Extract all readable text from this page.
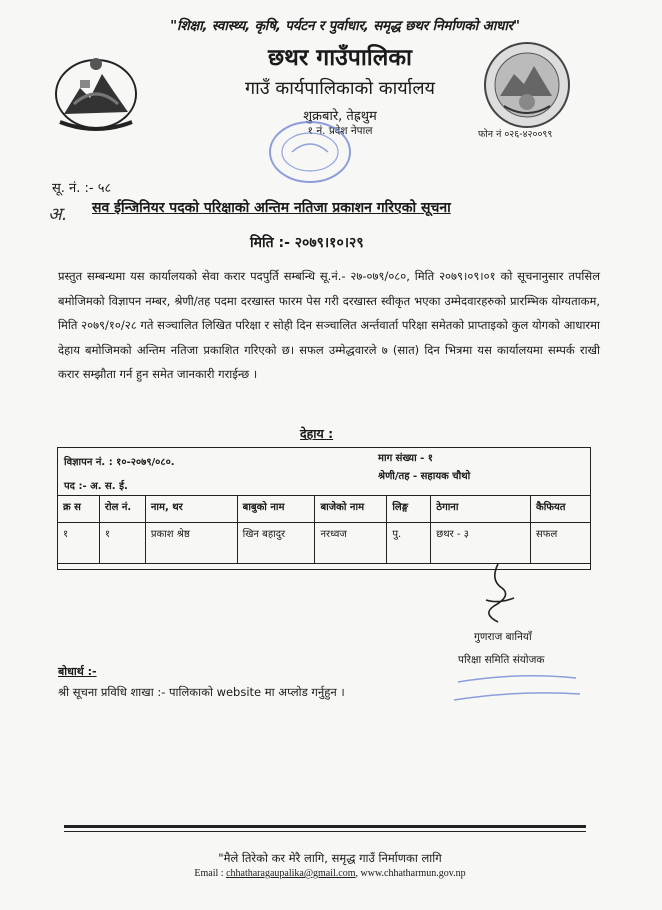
"शिक्षा, स्वास्थ्य, कृषि, पर्यटन र पुर्वाधार, समृद्ध छथर निर्माणको आधार"
छथर गाउँपालिका
गाउँ कार्यपालिकाको कार्यालय
शुक्रबारे, तेह्रथुम
१ नं. प्रदेश नेपाल	फोन नं ०२६-४२००९९
सू. नं. :- ५८
अ. सव ईन्जिनियर पदको परिक्षाको अन्तिम नतिजा प्रकाशन गरिएको सूचना
मिति :- २०७९।१०।२९

प्रस्तुत सम्बन्धमा यस कार्यालयको सेवा करार पदपुर्ति सम्बन्धि सू.नं.- २७-०७९/०८०, मिति २०७९।०९।०१ को सूचनानुसार तपसिल बमोजिमको विज्ञापन नम्बर, श्रेणी/तह पदमा दरखास्त फारम पेस गरी दरखास्त स्वीकृत भएका उम्मेदवारहरुको प्रारम्भिक योग्यताकम, मिति २०७९/१०/२८ गते सञ्चालित लिखित परिक्षा र सोही दिन सञ्चालित अर्न्तवार्ता परिक्षा समेतको प्राप्ताइको कुल योगको आधारमा देहाय बमोजिमको अन्तिम नतिजा प्रकाशित गरिएको छ। सफल उम्मेद्धवारले ७ (सात) दिन भित्रमा यस कार्यालयमा सम्पर्क राखी करार सम्झौता गर्न हुन समेत जानकारी गराईन्छ ।

देहाय :
विज्ञापन नं. : १०-२०७९/०८०.	माग संख्या - १
श्रेणी/तह - सहायक चौथो
पद :- अ. स. ई.
क्र स	रोल नं.	नाम, थर	बाबुको नाम	बाजेको नाम	लिङ्ग	ठेगाना	कैफियत
१	१	प्रकाश श्रेष्ठ	खिन बहादुर	नरध्वज	पु.	छथर - ३	सफल
गुणराज बानियाँ
परिक्षा समिति संयोजक
बोधार्थ :-
श्री सूचना प्रविधि शाखा :- पालिकाको website मा अप्लोड गर्नुहुन ।
"मैले तिरेको कर मेरै लागि, समृद्ध गाउँ निर्माणका लागि
Email : chhatharagaupalika@gmail.com, www.chhatharmun.gov.np
